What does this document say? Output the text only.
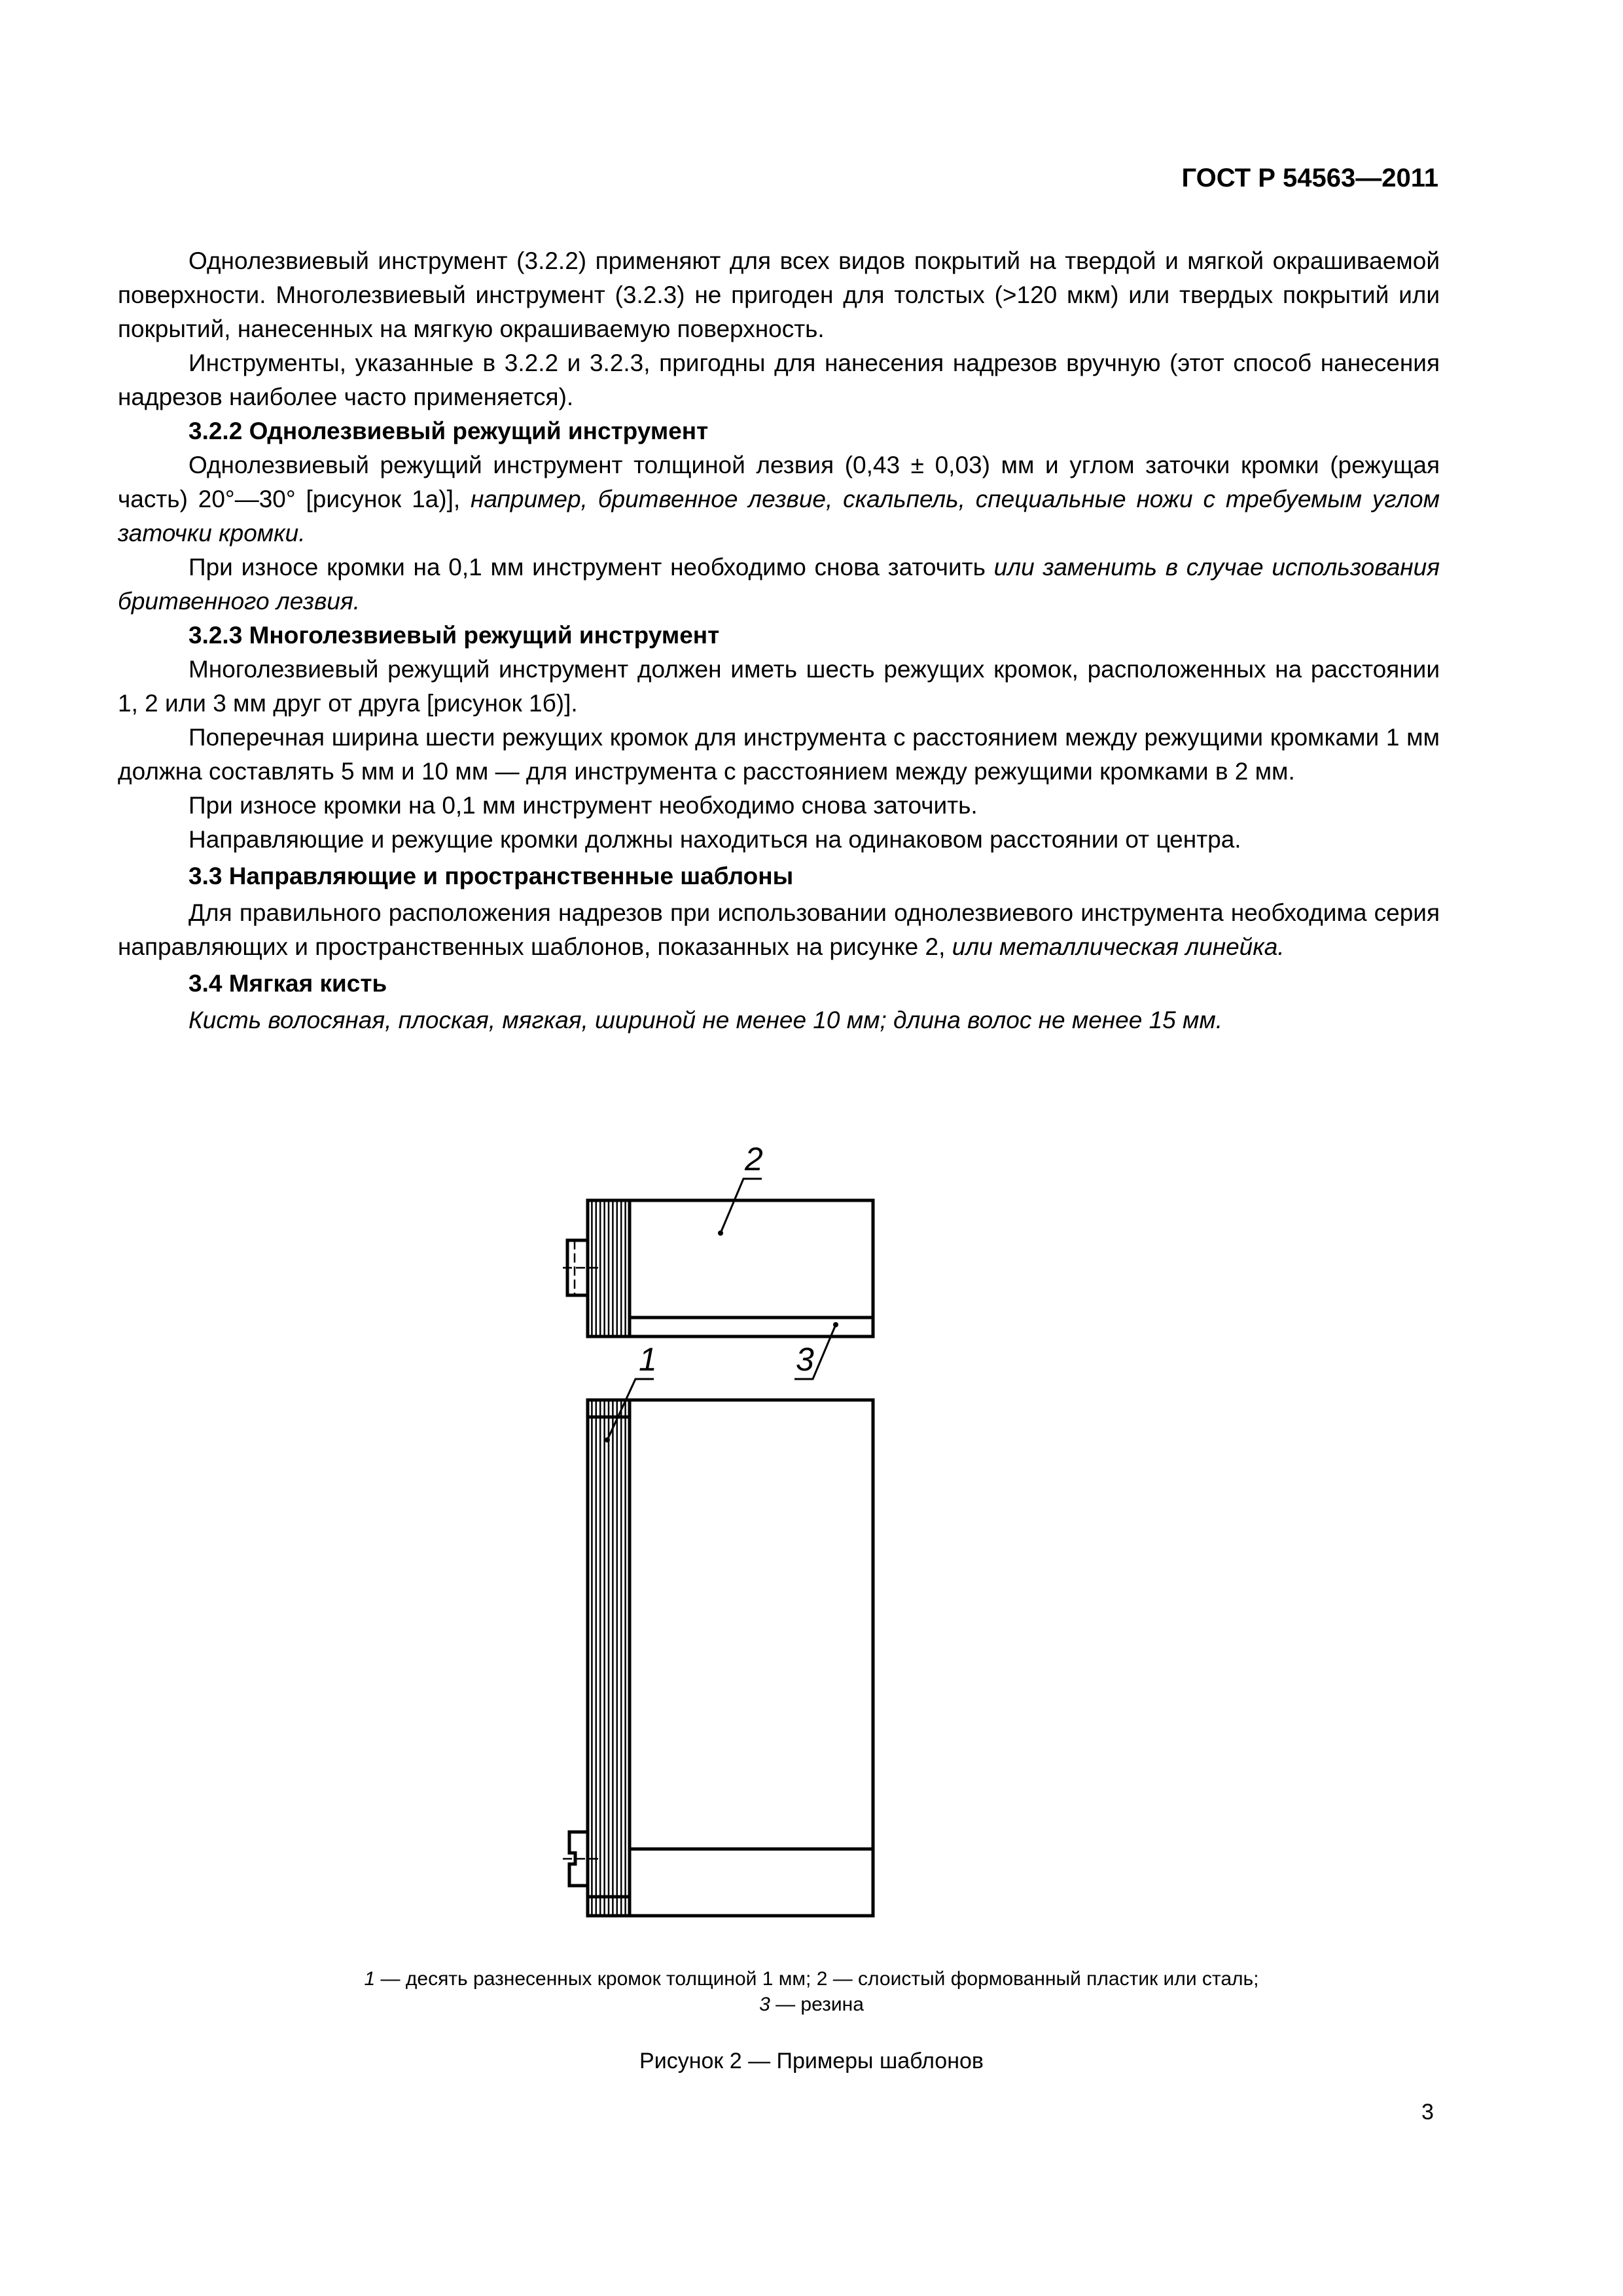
ГОСТ Р 54563—2011

Однолезвиевый инструмент (3.2.2) применяют для всех видов покрытий на твердой и мягкой окрашиваемой поверхности. Многолезвиевый инструмент (3.2.3) не пригоден для толстых (>120 мкм) или твердых покрытий или покрытий, нанесенных на мягкую окрашиваемую поверхность.

Инструменты, указанные в 3.2.2 и 3.2.3, пригодны для нанесения надрезов вручную (этот способ нанесения надрезов наиболее часто применяется).

3.2.2 Однолезвиевый режущий инструмент

Однолезвиевый режущий инструмент толщиной лезвия (0,43 ± 0,03) мм и углом заточки кромки (режущая часть) 20°—30° [рисунок 1а)], например, бритвенное лезвие, скальпель, специальные ножи с требуемым углом заточки кромки.

При износе кромки на 0,1 мм инструмент необходимо снова заточить или заменить в случае использования бритвенного лезвия.

3.2.3 Многолезвиевый режущий инструмент

Многолезвиевый режущий инструмент должен иметь шесть режущих кромок, расположенных на расстоянии 1, 2 или 3 мм друг от друга [рисунок 1б)].

Поперечная ширина шести режущих кромок для инструмента с расстоянием между режущими кромками 1 мм должна составлять 5 мм и 10 мм — для инструмента с расстоянием между режущими кромками в 2 мм.

При износе кромки на 0,1 мм инструмент необходимо снова заточить.

Направляющие и режущие кромки должны находиться на одинаковом расстоянии от центра.

3.3 Направляющие и пространственные шаблоны

Для правильного расположения надрезов при использовании однолезвиевого инструмента необходима серия направляющих и пространственных шаблонов, показанных на рисунке 2, или металлическая линейка.

3.4 Мягкая кисть

Кисть волосяная, плоская, мягкая, шириной не менее 10 мм; длина волос не менее 15 мм.

2
1	3
1 — десять разнесенных кромок толщиной 1 мм; 2 — слоистый формованный пластик или сталь;
3 — резина
Рисунок 2 — Примеры шаблонов
3
